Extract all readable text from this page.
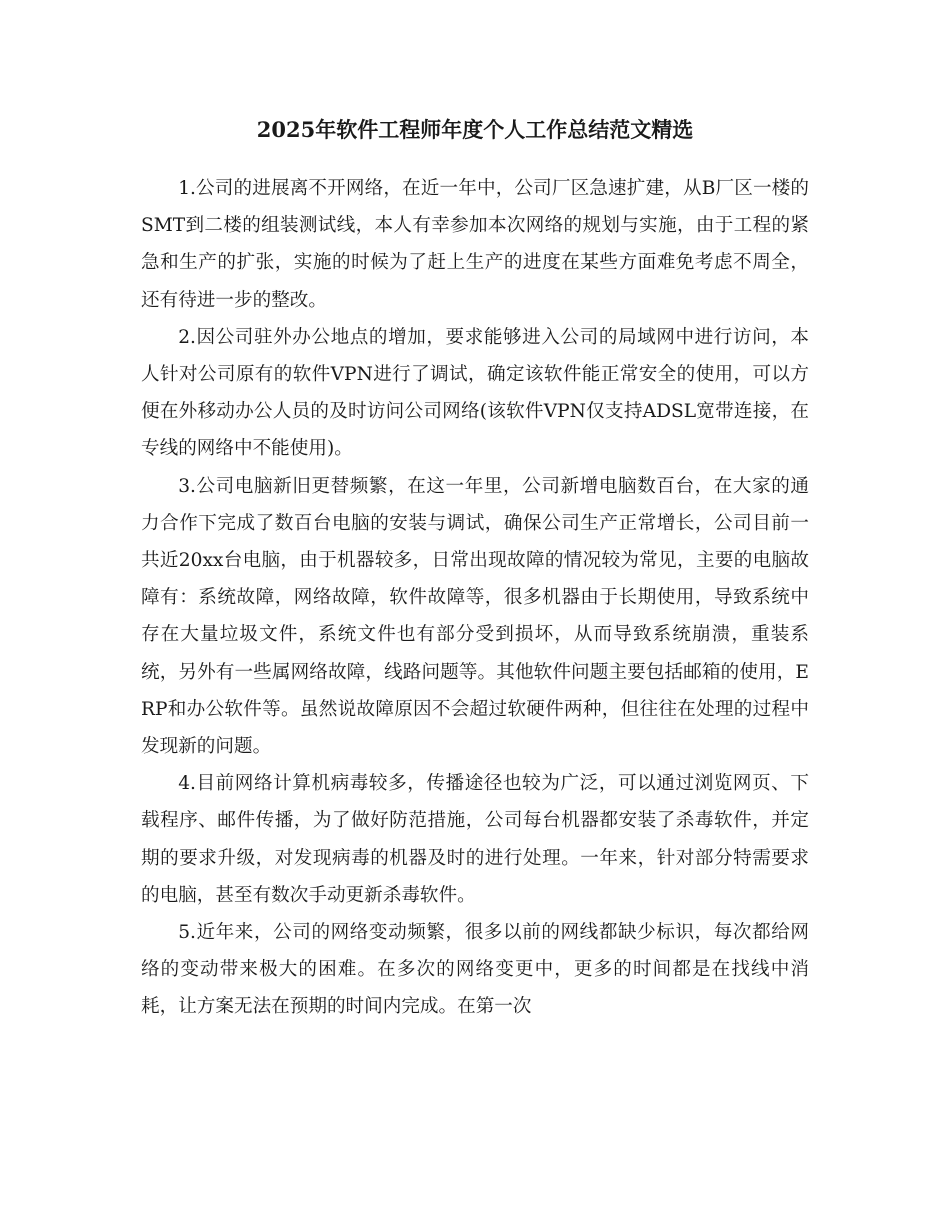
2025年软件工程师年度个人工作总结范文精选

1.公司的进展离不开网络，在近一年中，公司厂区急速扩建，从B厂区一楼的SMT到二楼的组装测试线，本人有幸参加本次网络的规划与实施，由于工程的紧急和生产的扩张，实施的时候为了赶上生产的进度在某些方面难免考虑不周全，还有待进一步的整改。

2.因公司驻外办公地点的增加，要求能够进入公司的局域网中进行访问，本人针对公司原有的软件VPN进行了调试，确定该软件能正常安全的使用，可以方便在外移动办公人员的及时访问公司网络(该软件VPN仅支持ADSL宽带连接，在专线的网络中不能使用)。

3.公司电脑新旧更替频繁，在这一年里，公司新增电脑数百台，在大家的通力合作下完成了数百台电脑的安装与调试，确保公司生产正常增长，公司目前一共近20xx台电脑，由于机器较多，日常出现故障的情况较为常见，主要的电脑故障有：系统故障，网络故障，软件故障等，很多机器由于长期使用，导致系统中存在大量垃圾文件，系统文件也有部分受到损坏，从而导致系统崩溃，重装系统，另外有一些属网络故障，线路问题等。其他软件问题主要包括邮箱的使用，ERP和办公软件等。虽然说故障原因不会超过软硬件两种，但往往在处理的过程中发现新的问题。

4.目前网络计算机病毒较多，传播途径也较为广泛，可以通过浏览网页、下载程序、邮件传播，为了做好防范措施，公司每台机器都安装了杀毒软件，并定期的要求升级，对发现病毒的机器及时的进行处理。一年来，针对部分特需要求的电脑，甚至有数次手动更新杀毒软件。

5.近年来，公司的网络变动频繁，很多以前的网线都缺少标识，每次都给网络的变动带来极大的困难。在多次的网络变更中，更多的时间都是在找线中消耗，让方案无法在预期的时间内完成。在第一次
